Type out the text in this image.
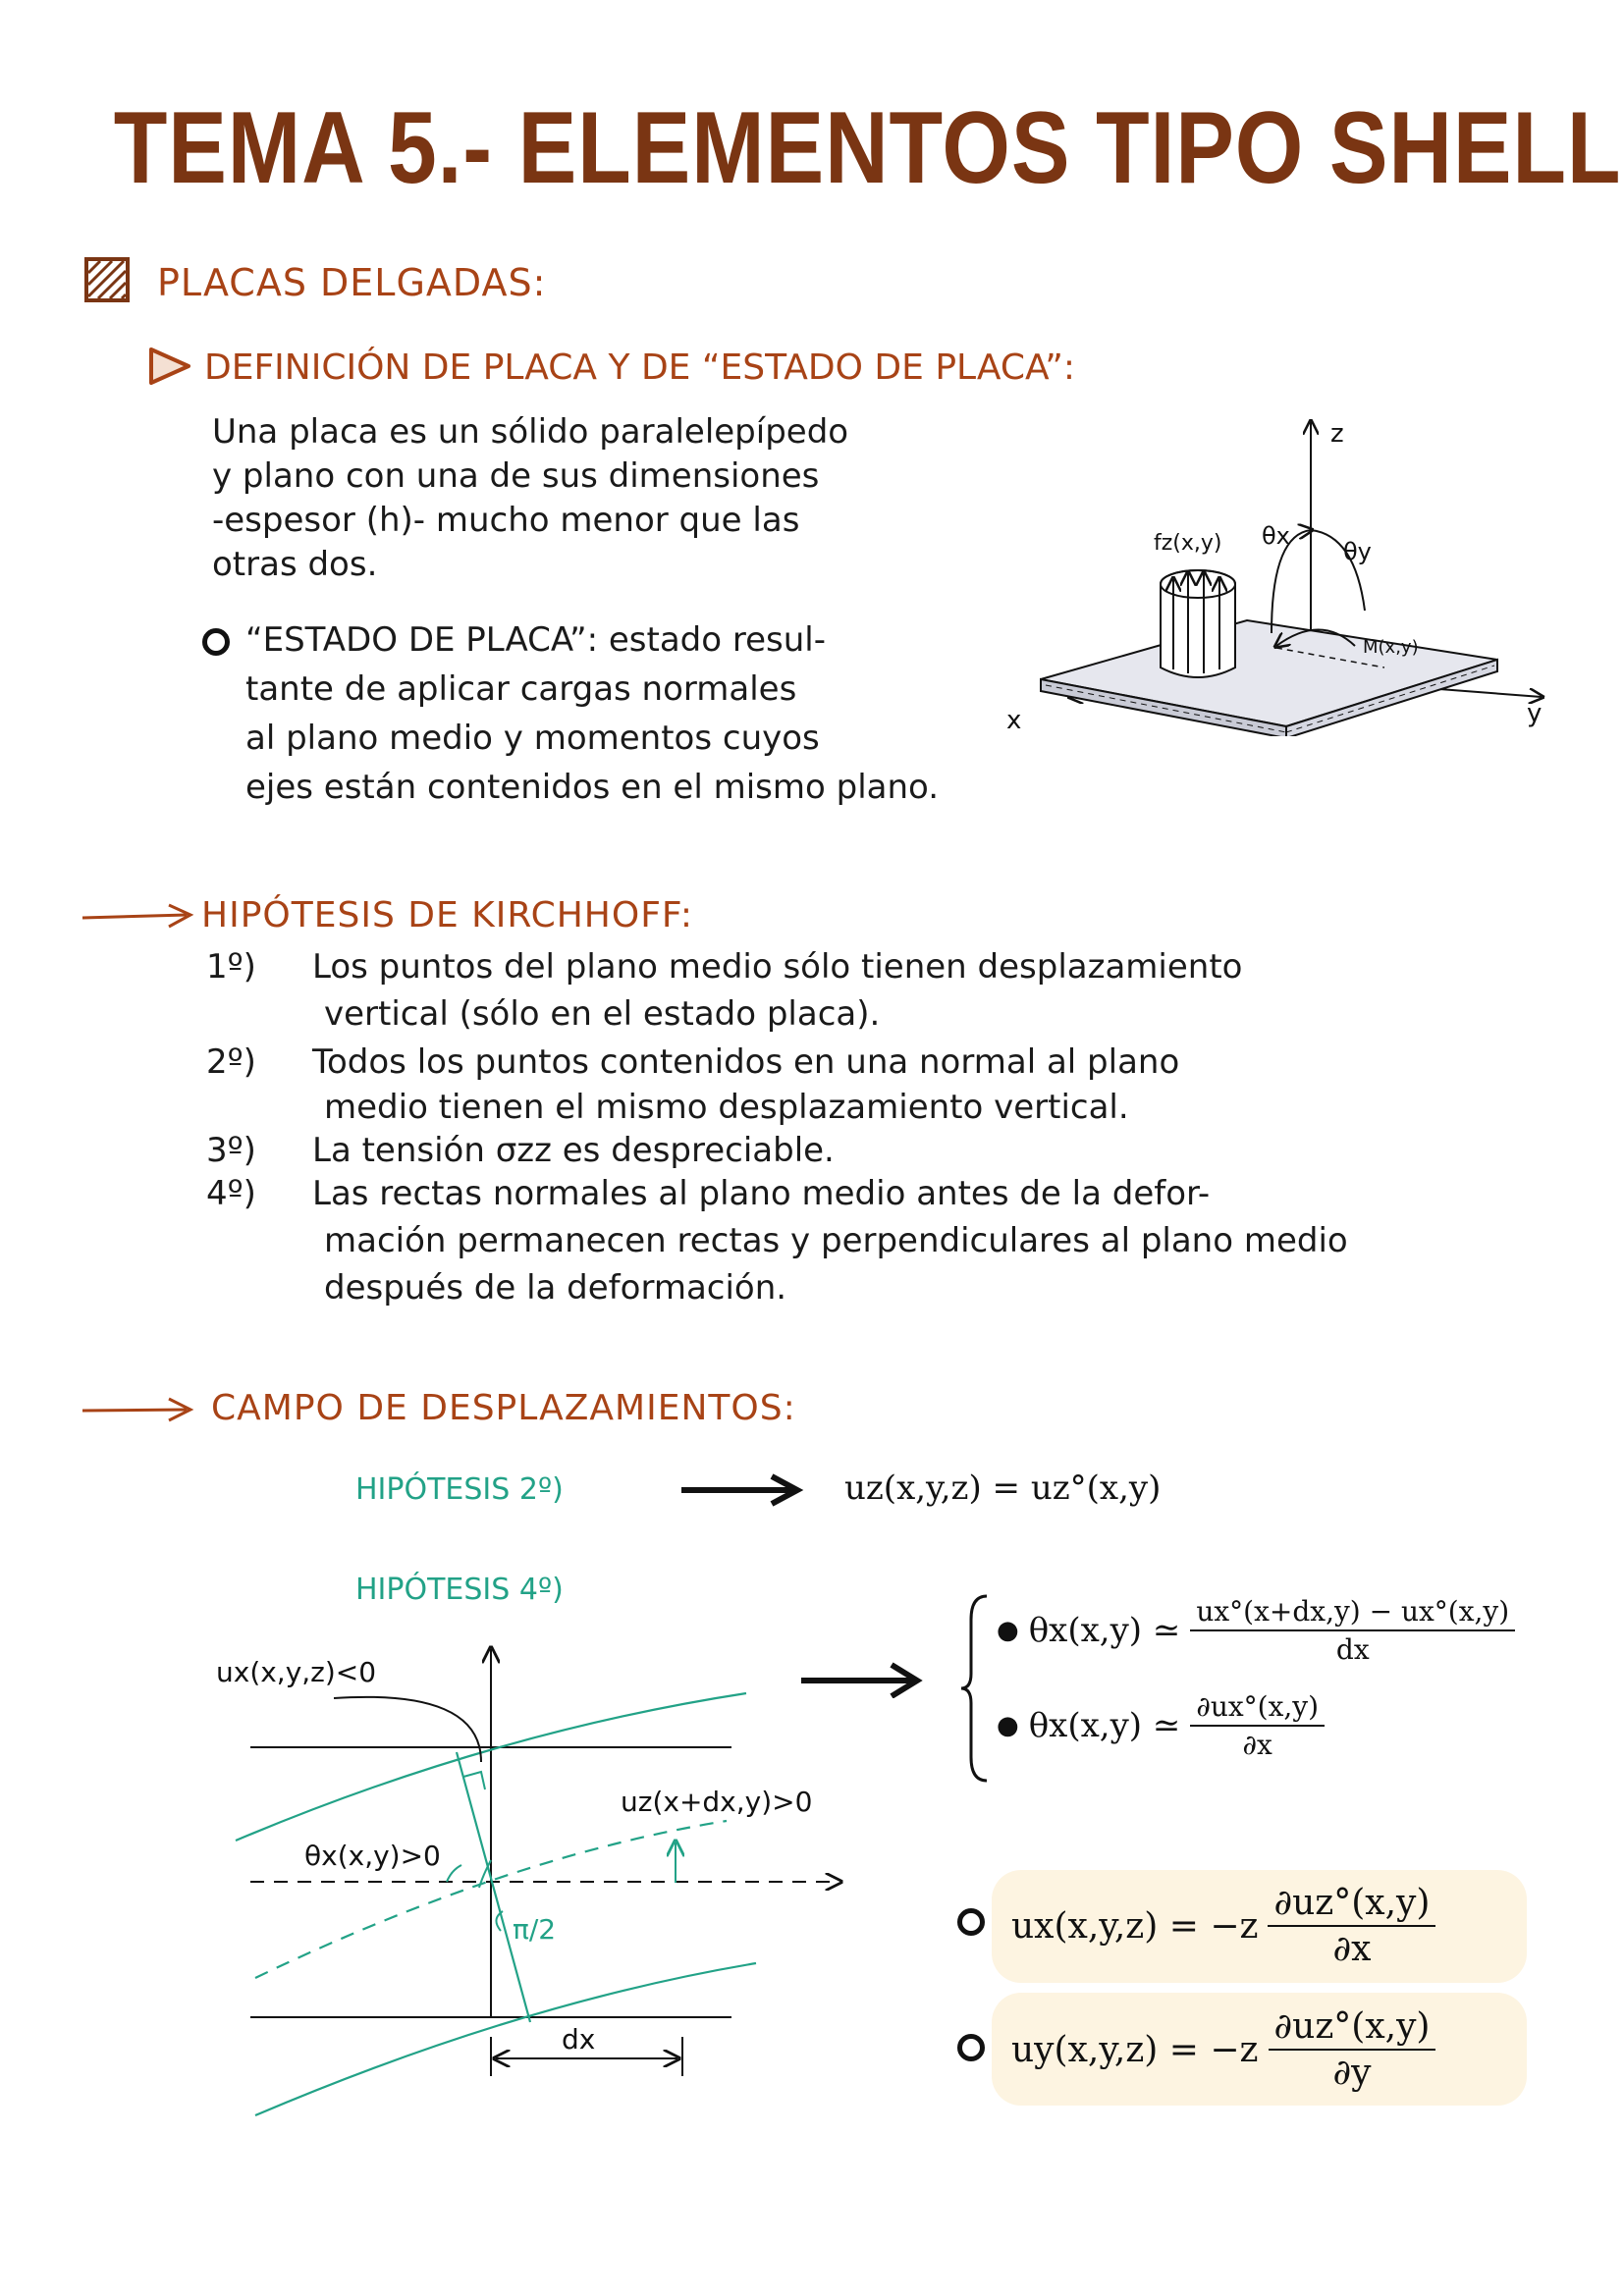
TEMA 5.- ELEMENTOS TIPO SHELL
PLACAS DELGADAS:
DEFINICIÓN DE PLACA Y DE “ESTADO DE PLACA”:
Una placa es un sólido paralelepípedo
y plano con una de sus dimensiones
-espesor (h)- mucho menor que las
otras dos.
“ESTADO DE PLACA”: estado resul-
tante de aplicar cargas normales
al plano medio y momentos cuyos
ejes están contenidos en el mismo plano.
z
y
x
fz(x,y) θx
θy
M(x,y)
HIPÓTESIS DE KIRCHHOFF:
1º) Los puntos del plano medio sólo tienen desplazamiento
vertical (sólo en el estado placa).
2º) Todos los puntos contenidos en una normal al plano
medio tienen el mismo desplazamiento vertical.
3º) La tensión σzz es despreciable.
4º) Las rectas normales al plano medio antes de la defor-
mación permanecen rectas y perpendiculares al plano medio
después de la deformación.
CAMPO DE DESPLAZAMIENTOS:
HIPÓTESIS 2º)	uz(x,y,z) = uz°(x,y)
HIPÓTESIS 4º)
ux(x,y,z)<0
θx(x,y)>0
uz(x+dx,y)>0
π/2
dx
● θx(x,y) ≃ $\frac{ux^\circ(x+dx,y) - ux^\circ(x,y)}{dx}$
● θx(x,y) ≃ $\frac{\partial ux^\circ(x,y)}{\partial x}$
$ux(x,y,z) = -z \frac{\partial uz^\circ(x,y)}{\partial x}$
$uy(x,y,z) = -z \frac{\partial uz^\circ(x,y)}{\partial y}$
